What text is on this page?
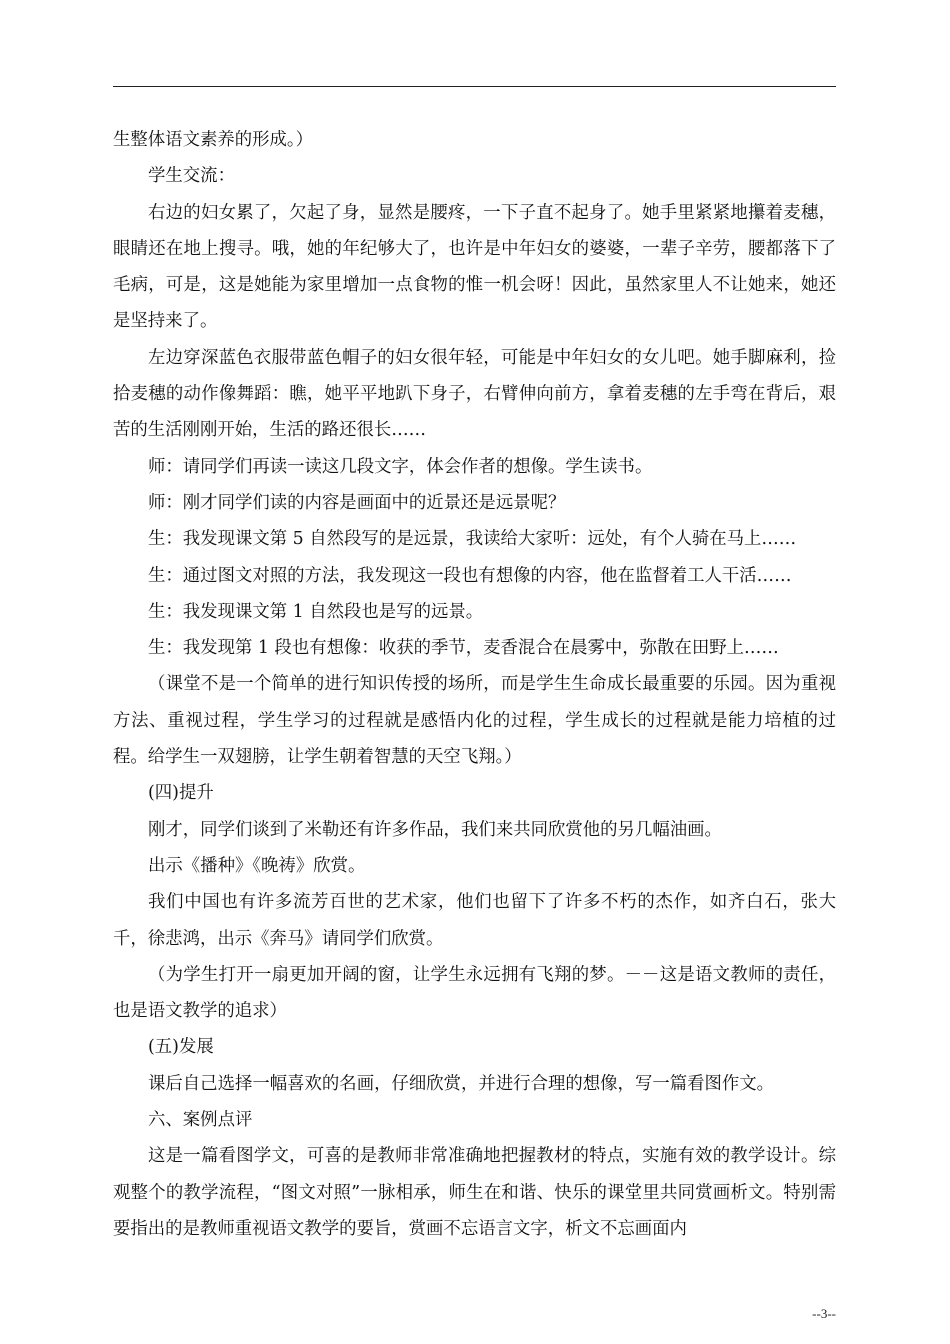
生整体语文素养的形成。）

学生交流：

右边的妇女累了，欠起了身，显然是腰疼，一下子直不起身了。她手里紧紧地攥着麦穗，眼睛还在地上搜寻。哦，她的年纪够大了，也许是中年妇女的婆婆，一辈子辛劳，腰都落下了毛病，可是，这是她能为家里增加一点食物的惟一机会呀！因此，虽然家里人不让她来，她还是坚持来了。

左边穿深蓝色衣服带蓝色帽子的妇女很年轻，可能是中年妇女的女儿吧。她手脚麻利，捡拾麦穗的动作像舞蹈：瞧，她平平地趴下身子，右臂伸向前方，拿着麦穗的左手弯在背后，艰苦的生活刚刚开始，生活的路还很长……

师：请同学们再读一读这几段文字，体会作者的想像。学生读书。

师：刚才同学们读的内容是画面中的近景还是远景呢？

生：我发现课文第 5 自然段写的是远景，我读给大家听：远处，有个人骑在马上……

生：通过图文对照的方法，我发现这一段也有想像的内容，他在监督着工人干活……

生：我发现课文第 1 自然段也是写的远景。

生：我发现第 1 段也有想像：收获的季节，麦香混合在晨雾中，弥散在田野上……

（课堂不是一个简单的进行知识传授的场所，而是学生生命成长最重要的乐园。因为重视方法、重视过程，学生学习的过程就是感悟内化的过程，学生成长的过程就是能力培植的过程。给学生一双翅膀，让学生朝着智慧的天空飞翔。）

(四)提升

刚才，同学们谈到了米勒还有许多作品，我们来共同欣赏他的另几幅油画。

出示《播种》《晚祷》欣赏。

我们中国也有许多流芳百世的艺术家，他们也留下了许多不朽的杰作，如齐白石，张大千，徐悲鸿，出示《奔马》请同学们欣赏。

（为学生打开一扇更加开阔的窗，让学生永远拥有飞翔的梦。－－这是语文教师的责任，也是语文教学的追求）

(五)发展

课后自己选择一幅喜欢的名画，仔细欣赏，并进行合理的想像，写一篇看图作文。

六、案例点评

这是一篇看图学文，可喜的是教师非常准确地把握教材的特点，实施有效的教学设计。综观整个的教学流程，“图文对照”一脉相承，师生在和谐、快乐的课堂里共同赏画析文。特别需要指出的是教师重视语文教学的要旨，赏画不忘语言文字，析文不忘画面内

--3--
